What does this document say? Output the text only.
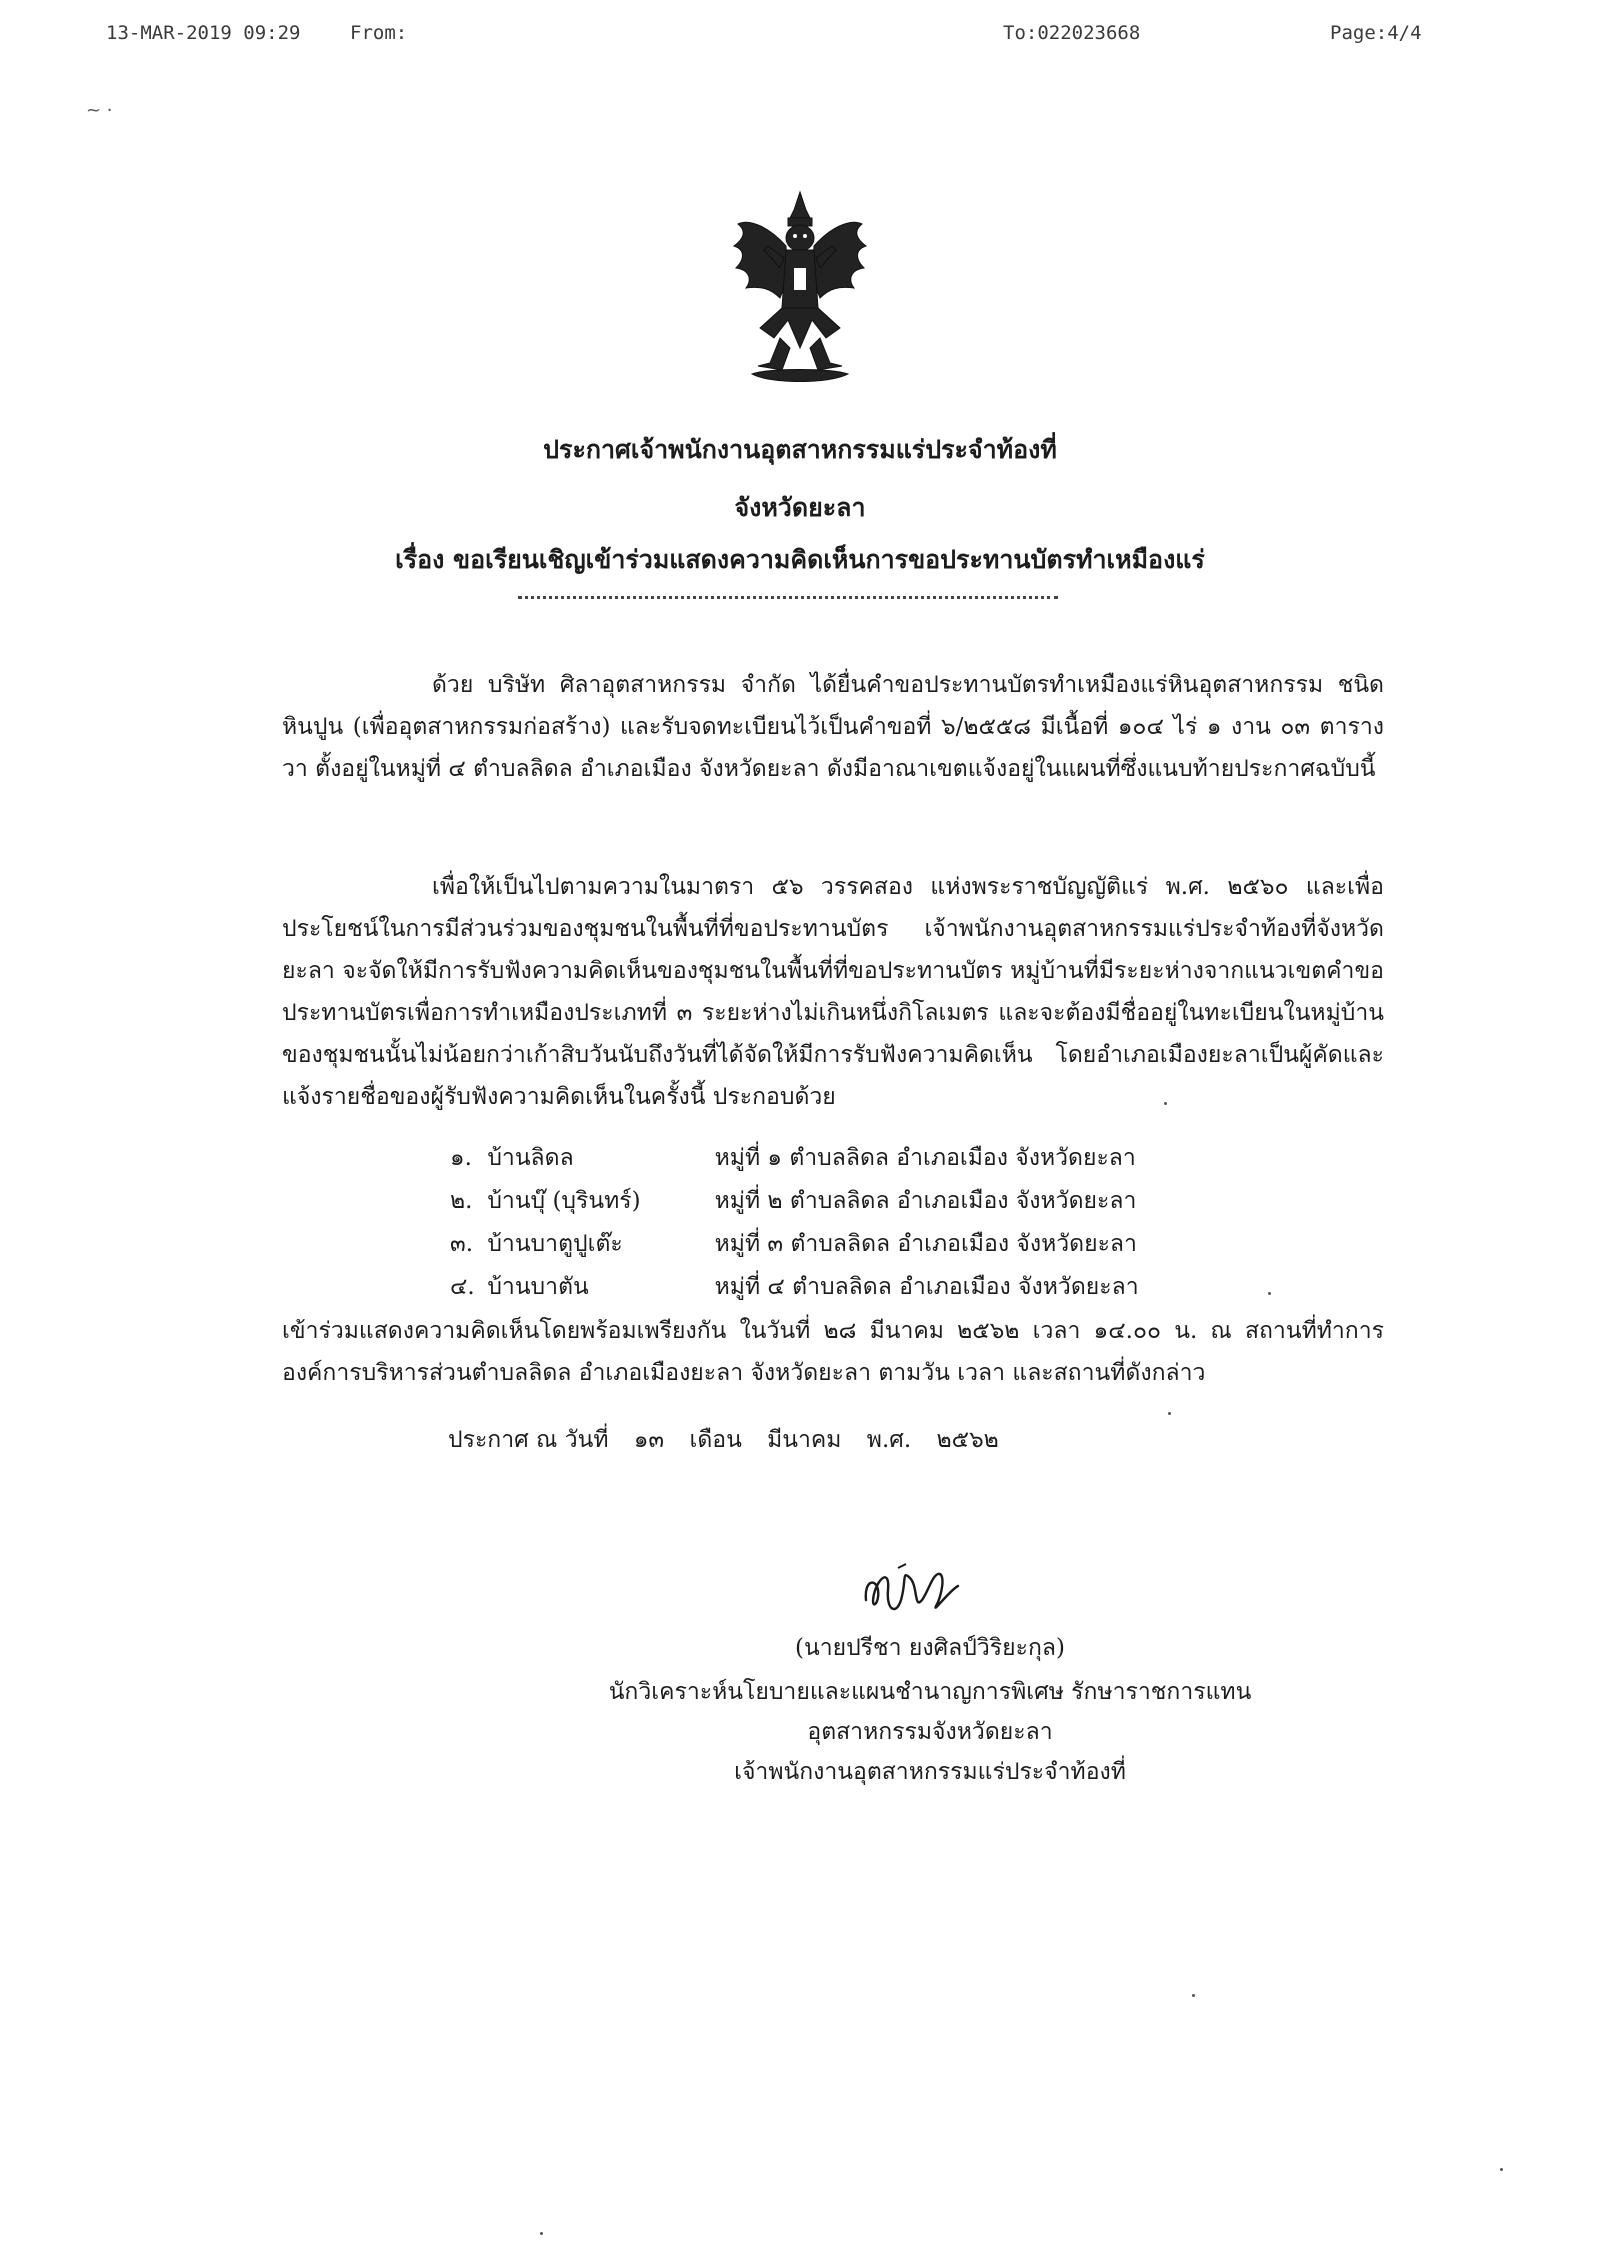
13-MAR-2019 09:29	From:	To:022023668	Page:4/4
~ ·
ประกาศเจ้าพนักงานอุตสาหกรรมแร่ประจำท้องที่
จังหวัดยะลา
เรื่อง ขอเรียนเชิญเข้าร่วมแสดงความคิดเห็นการขอประทานบัตรทำเหมืองแร่
ด้วย บริษัท ศิลาอุตสาหกรรม จำกัด ได้ยื่นคำขอประทานบัตรทำเหมืองแร่หินอุตสาหกรรม ชนิดหินปูน (เพื่ออุตสาหกรรมก่อสร้าง) และรับจดทะเบียนไว้เป็นคำขอที่ ๖/๒๕๕๘ มีเนื้อที่ ๑๐๔ ไร่ ๑ งาน ๐๓ ตารางวา ตั้งอยู่ในหมู่ที่ ๔ ตำบลลิดล อำเภอเมือง จังหวัดยะลา ดังมีอาณาเขตแจ้งอยู่ในแผนที่ซึ่งแนบท้ายประกาศฉบับนี้
เพื่อให้เป็นไปตามความในมาตรา ๕๖ วรรคสอง แห่งพระราชบัญญัติแร่ พ.ศ. ๒๕๖๐ และเพื่อประโยชน์ในการมีส่วนร่วมของชุมชนในพื้นที่ที่ขอประทานบัตร เจ้าพนักงานอุตสาหกรรมแร่ประจำท้องที่จังหวัดยะลา จะจัดให้มีการรับฟังความคิดเห็นของชุมชนในพื้นที่ที่ขอประทานบัตร หมู่บ้านที่มีระยะห่างจากแนวเขตคำขอประทานบัตรเพื่อการทำเหมืองประเภทที่ ๓ ระยะห่างไม่เกินหนึ่งกิโลเมตร และจะต้องมีชื่ออยู่ในทะเบียนในหมู่บ้านของชุมชนนั้นไม่น้อยกว่าเก้าสิบวันนับถึงวันที่ได้จัดให้มีการรับฟังความคิดเห็น โดยอำเภอเมืองยะลาเป็นผู้คัดและแจ้งรายชื่อของผู้รับฟังความคิดเห็นในครั้งนี้ ประกอบด้วย
๑. บ้านลิดล	หมู่ที่ ๑ ตำบลลิดล อำเภอเมือง จังหวัดยะลา
๒. บ้านบุ๊ (บุรินทร์)	หมู่ที่ ๒ ตำบลลิดล อำเภอเมือง จังหวัดยะลา
๓. บ้านบาตูปูเต๊ะ	หมู่ที่ ๓ ตำบลลิดล อำเภอเมือง จังหวัดยะลา
๔. บ้านบาตัน	หมู่ที่ ๔ ตำบลลิดล อำเภอเมือง จังหวัดยะลา
เข้าร่วมแสดงความคิดเห็นโดยพร้อมเพรียงกัน ในวันที่ ๒๘ มีนาคม ๒๕๖๒ เวลา ๑๔.๐๐ น. ณ สถานที่ทำการองค์การบริหารส่วนตำบลลิดล อำเภอเมืองยะลา จังหวัดยะลา ตามวัน เวลา และสถานที่ดังกล่าว
ประกาศ ณ วันที่ ๑๓ เดือน มีนาคม พ.ศ. ๒๕๖๒
(นายปรีชา ยงศิลป์วิริยะกุล)
นักวิเคราะห์นโยบายและแผนชำนาญการพิเศษ รักษาราชการแทน
อุตสาหกรรมจังหวัดยะลา
เจ้าพนักงานอุตสาหกรรมแร่ประจำท้องที่
